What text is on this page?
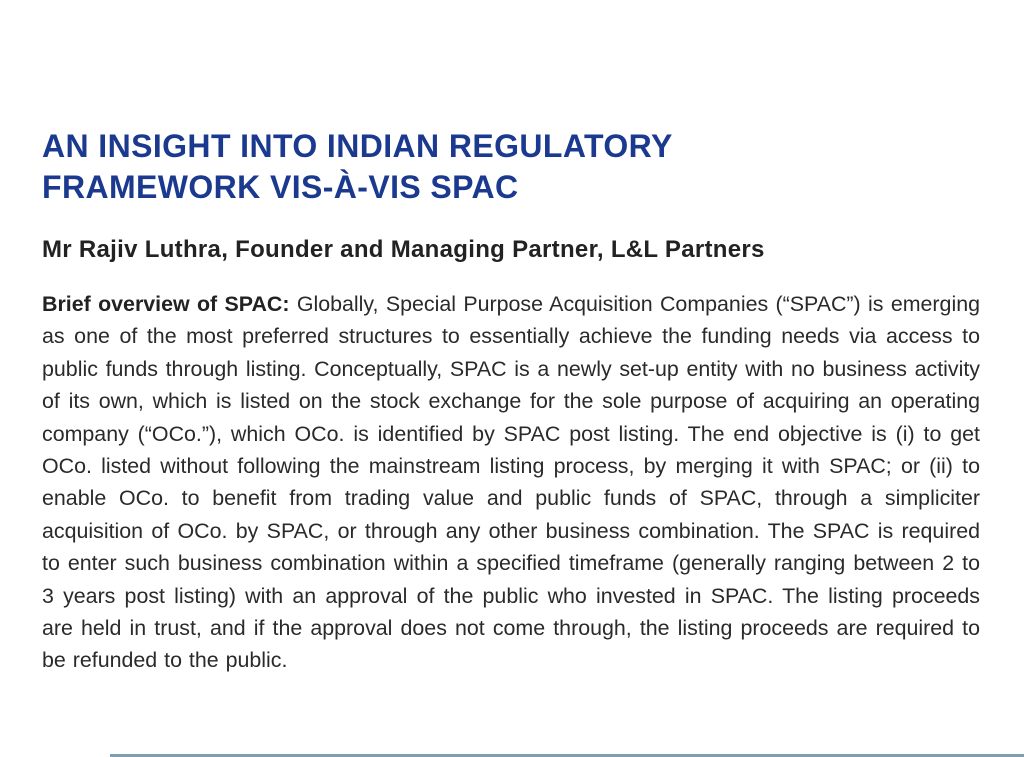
AN INSIGHT INTO INDIAN REGULATORY
FRAMEWORK VIS-À-VIS SPAC
Mr Rajiv Luthra, Founder and Managing Partner, L&L Partners

Brief overview of SPAC: Globally, Special Purpose Acquisition Companies (“SPAC”) is emerging as one of the most preferred structures to essentially achieve the funding needs via access to public funds through listing. Conceptually, SPAC is a newly set-up entity with no business activity of its own, which is listed on the stock exchange for the sole purpose of acquiring an operating company (“OCo.”), which OCo. is identified by SPAC post listing. The end objective is (i) to get OCo. listed without following the mainstream listing process, by merging it with SPAC; or (ii) to enable OCo. to benefit from trading value and public funds of SPAC, through a simpliciter acquisition of OCo. by SPAC, or through any other business combination. The SPAC is required to enter such business combination within a specified timeframe (generally ranging between 2 to 3 years post listing) with an approval of the public who invested in SPAC. The listing proceeds are held in trust, and if the approval does not come through, the listing proceeds are required to be refunded to the public.
